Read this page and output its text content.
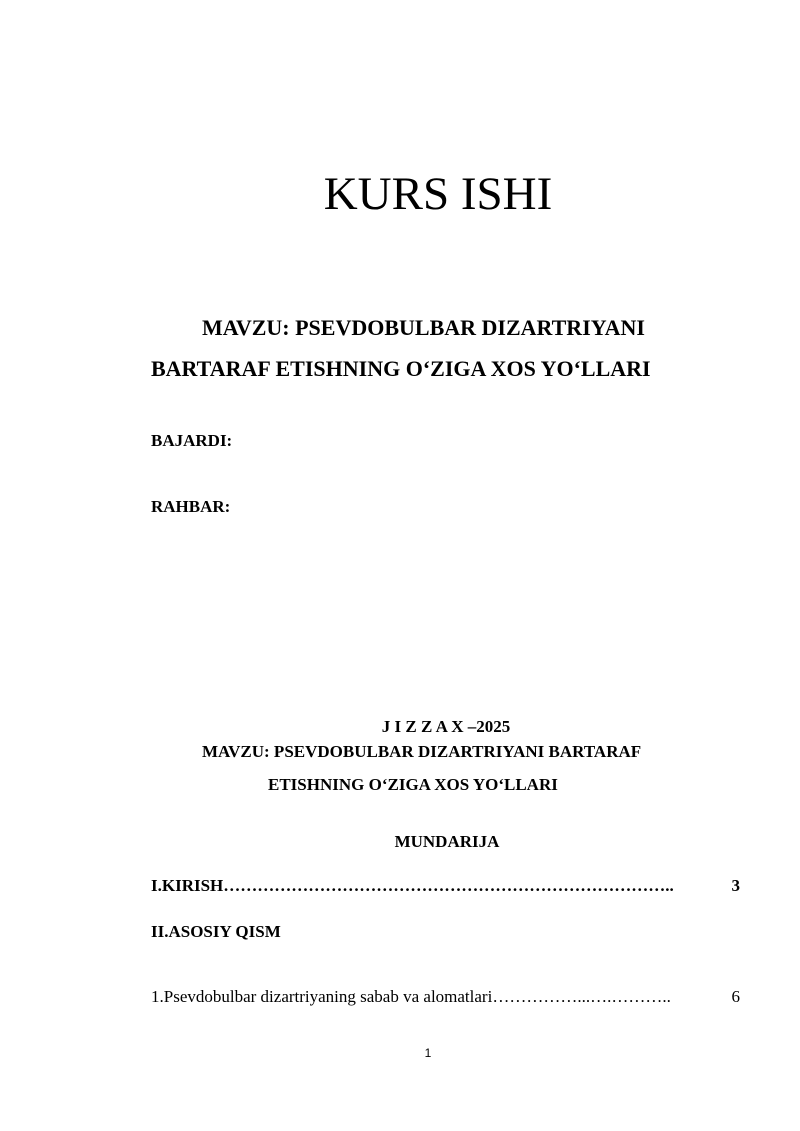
KURS ISHI
MAVZU: PSEVDOBULBAR DIZARTRIYANI
BARTARAF ETISHNING O‘ZIGA XOS YO‘LLARI
BAJARDI:
RAHBAR:
J I Z Z A X –2025
MAVZU: PSEVDOBULBAR DIZARTRIYANI BARTARAF
ETISHNING O‘ZIGA XOS YO‘LLARI
MUNDARIJA
I.KIRISH ……………………………………………………………………..	3
II.ASOSIY QISM
1.Psevdobulbar dizartriyaning sabab va alomatlari ……………...….………..	6
1
